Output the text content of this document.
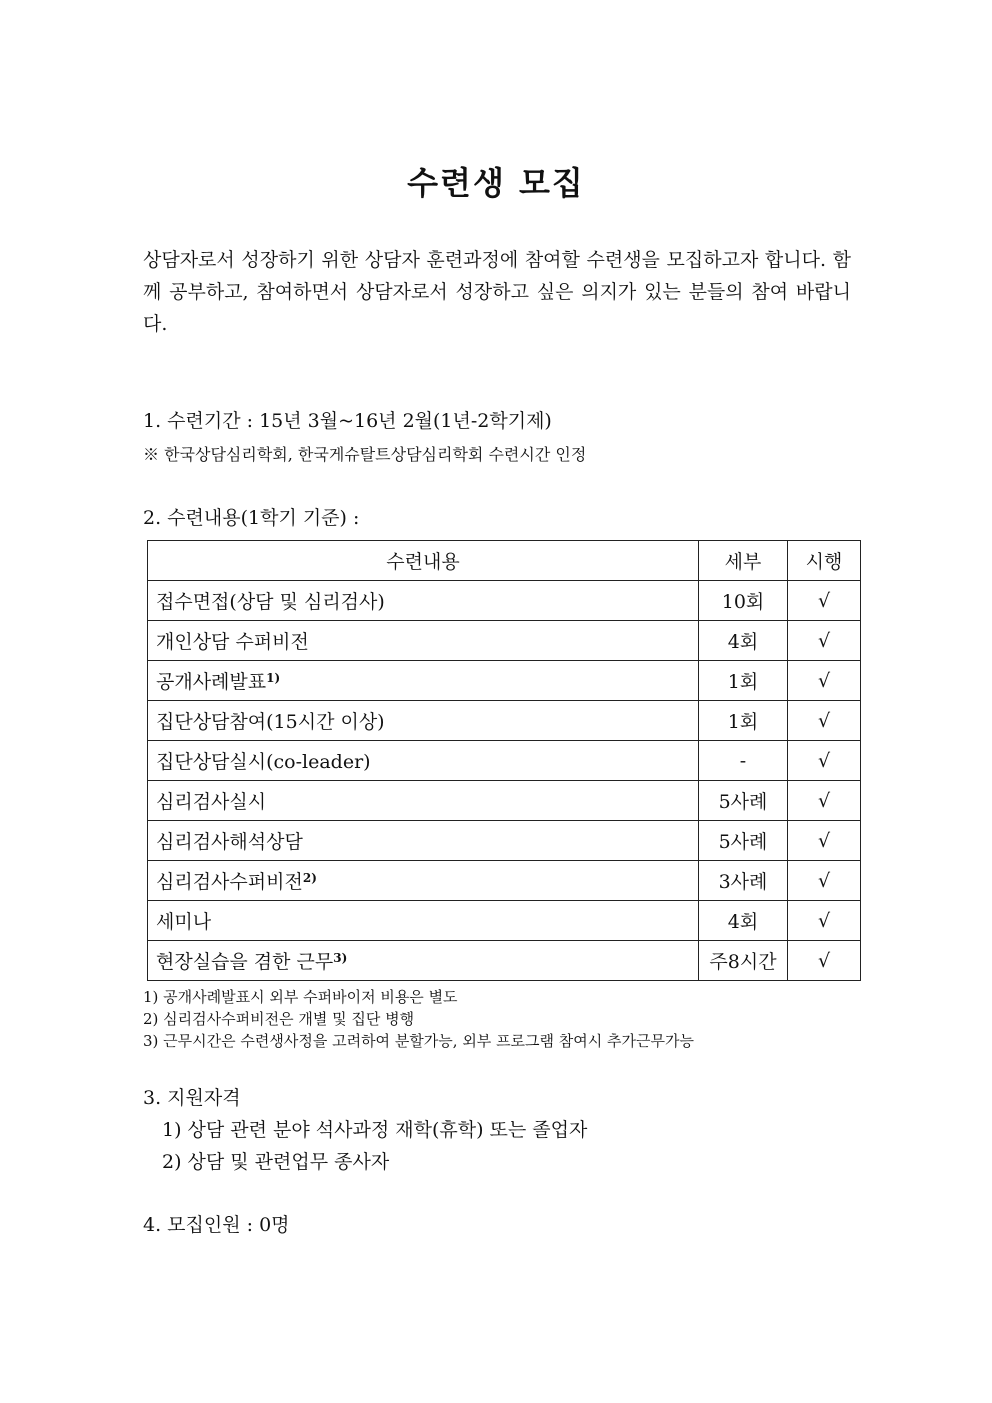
수련생 모집

상담자로서 성장하기 위한 상담자 훈련과정에 참여할 수련생을 모집하고자 합니다. 함께 공부하고, 참여하면서 상담자로서 성장하고 싶은 의지가 있는 분들의 참여 바랍니다.

1. 수련기간 : 15년 3월~16년 2월(1년-2학기제)

※ 한국상담심리학회, 한국게슈탈트상담심리학회 수련시간 인정

2. 수련내용(1학기 기준) :

수련내용	세부	시행
접수면접(상담 및 심리검사)	10회	√
개인상담 수퍼비전	4회	√
공개사례발표$^{1)}$	1회	√
집단상담참여(15시간 이상)	1회	√
집단상담실시(co-leader)	-	√
심리검사실시	5사례	√
심리검사해석상담	5사례	√
심리검사수퍼비전$^{2)}$	3사례	√
세미나	4회	√
현장실습을 겸한 근무$^{3)}$	주8시간	√

1) 공개사례발표시 외부 수퍼바이저 비용은 별도

2) 심리검사수퍼비전은 개별 및 집단 병행

3) 근무시간은 수련생사정을 고려하여 분할가능, 외부 프로그램 참여시 추가근무가능

3. 지원자격

1) 상담 관련 분야 석사과정 재학(휴학) 또는 졸업자

2) 상담 및 관련업무 종사자

4. 모집인원 : 0명
